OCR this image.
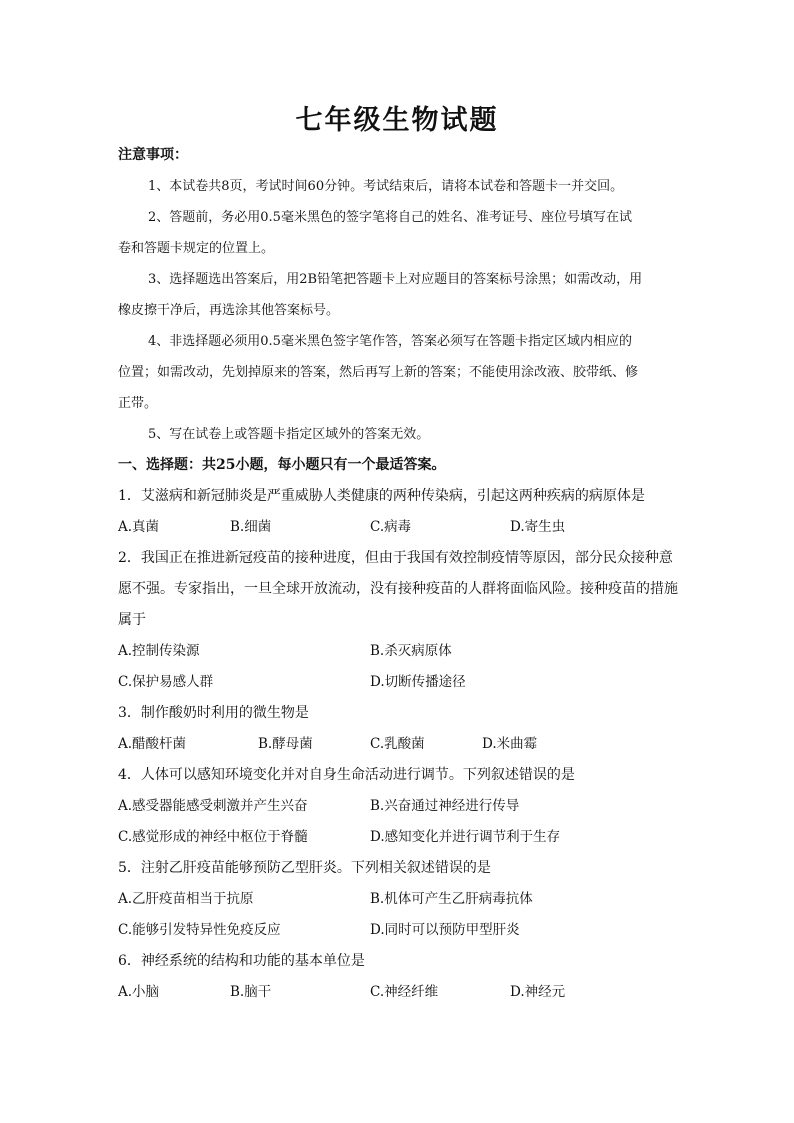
七年级生物试题
注意事项：
1、本试卷共8页，考试时间60分钟。考试结束后，请将本试卷和答题卡一并交回。
2、答题前，务必用0.5毫米黑色的签字笔将自己的姓名、准考证号、座位号填写在试
卷和答题卡规定的位置上。
3、选择题选出答案后，用2B铅笔把答题卡上对应题目的答案标号涂黑；如需改动，用
橡皮擦干净后，再选涂其他答案标号。
4、非选择题必须用0.5毫米黑色签字笔作答，答案必须写在答题卡指定区域内相应的
位置；如需改动，先划掉原来的答案，然后再写上新的答案；不能使用涂改液、胶带纸、修
正带。
5、写在试卷上或答题卡指定区域外的答案无效。
一、选择题：共25小题，每小题只有一个最适答案。
1．艾滋病和新冠肺炎是严重威胁人类健康的两种传染病，引起这两种疾病的病原体是
A.真菌	B.细菌	C.病毒	D.寄生虫
2．我国正在推进新冠疫苗的接种进度，但由于我国有效控制疫情等原因，部分民众接种意
愿不强。专家指出，一旦全球开放流动，没有接种疫苗的人群将面临风险。接种疫苗的措施
属于
A.控制传染源	B.杀灭病原体
C.保护易感人群	D.切断传播途径
3．制作酸奶时利用的微生物是
A.醋酸杆菌	B.酵母菌	C.乳酸菌	D.米曲霉
4．人体可以感知环境变化并对自身生命活动进行调节。下列叙述错误的是
A.感受器能感受刺激并产生兴奋	B.兴奋通过神经进行传导
C.感觉形成的神经中枢位于脊髓	D.感知变化并进行调节利于生存
5．注射乙肝疫苗能够预防乙型肝炎。下列相关叙述错误的是
A.乙肝疫苗相当于抗原	B.机体可产生乙肝病毒抗体
C.能够引发特异性免疫反应	D.同时可以预防甲型肝炎
6．神经系统的结构和功能的基本单位是
A.小脑	B.脑干	C.神经纤维	D.神经元
